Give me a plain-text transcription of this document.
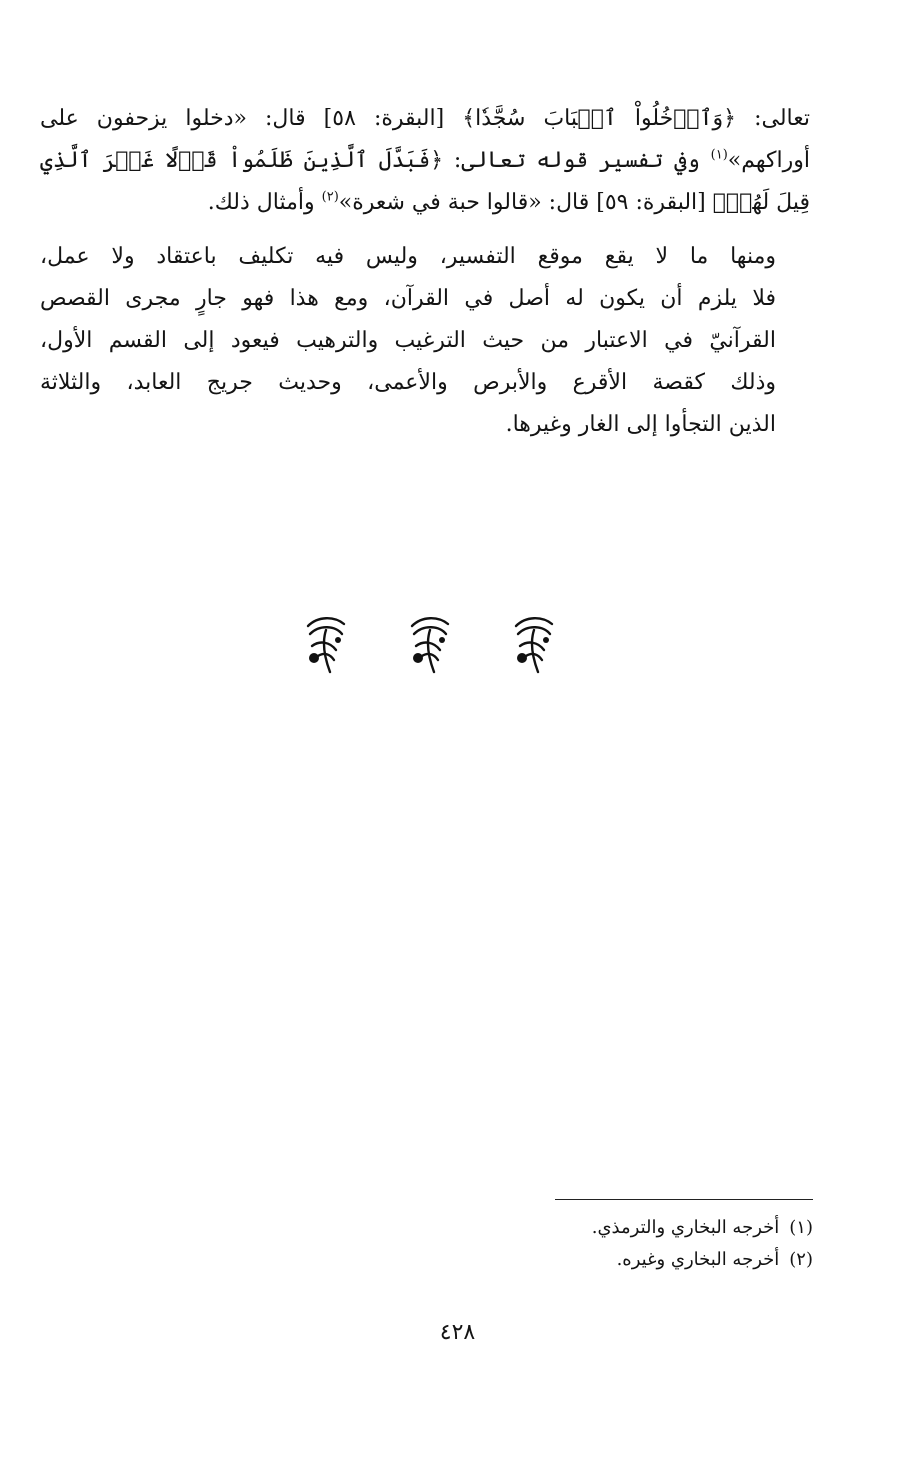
تعالى: ﴿وَٱدۡخُلُواْ ٱلۡبَابَ سُجَّدٗا﴾ [البقرة: ٥٨] قال: «دخلوا يزحفون على
أوراكهم»$^{(١)}$ وفي تفسير قوله تعالى: ﴿فَبَدَّلَ ٱلَّذِينَ ظَلَمُواْ قَوۡلًا غَيۡرَ ٱلَّذِي
قِيلَ لَهُمۡ﴾ [البقرة: ٥٩] قال: «قالوا حبة في شعرة»$^{(٢)}$ وأمثال ذلك.

ومنها ما لا يقع موقع التفسير، وليس فيه تكليف باعتقاد ولا عمل،
فلا يلزم أن يكون له أصل في القرآن، ومع هذا فهو جارٍ مجرى القصص
القرآنيّ في الاعتبار من حيث الترغيب والترهيب فيعود إلى القسم الأول،
وذلك كقصة الأقرع والأبرص والأعمى، وحديث جريج العابد، والثلاثة
الذين التجأوا إلى الغار وغيرها.

(١)أخرجه البخاري والترمذي.
(٢)أخرجه البخاري وغيره.
٤٢٨
